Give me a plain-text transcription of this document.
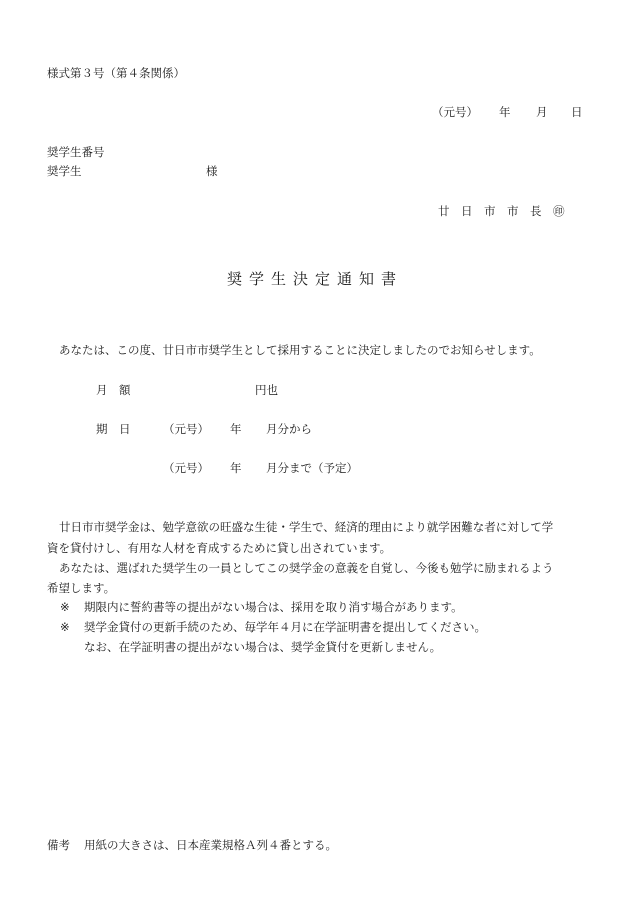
様式第３号（第４条関係）
（元号） 年 月 日
奨学生番号
奨学生	様
廿　日　市　市　長　㊞
奨学生決定通知書
あなたは、この度、廿日市市奨学生として採用することに決定しましたのでお知らせします。
月　額	円也
期　日	（元号） 年 月分から
（元号） 年 月分まで（予定）
廿日市市奨学金は、勉学意欲の旺盛な生徒・学生で、経済的理由により就学困難な者に対して学
資を貸付けし、有用な人材を育成するために貸し出されています。
あなたは、選ばれた奨学生の一員としてこの奨学金の意義を自覚し、今後も勉学に励まれるよう
希望します。
※ 期限内に誓約書等の提出がない場合は、採用を取り消す場合があります。
※ 奨学金貸付の更新手続のため、毎学年４月に在学証明書を提出してください。
なお、在学証明書の提出がない場合は、奨学金貸付を更新しません。
備考 用紙の大きさは、日本産業規格Ａ列４番とする。
